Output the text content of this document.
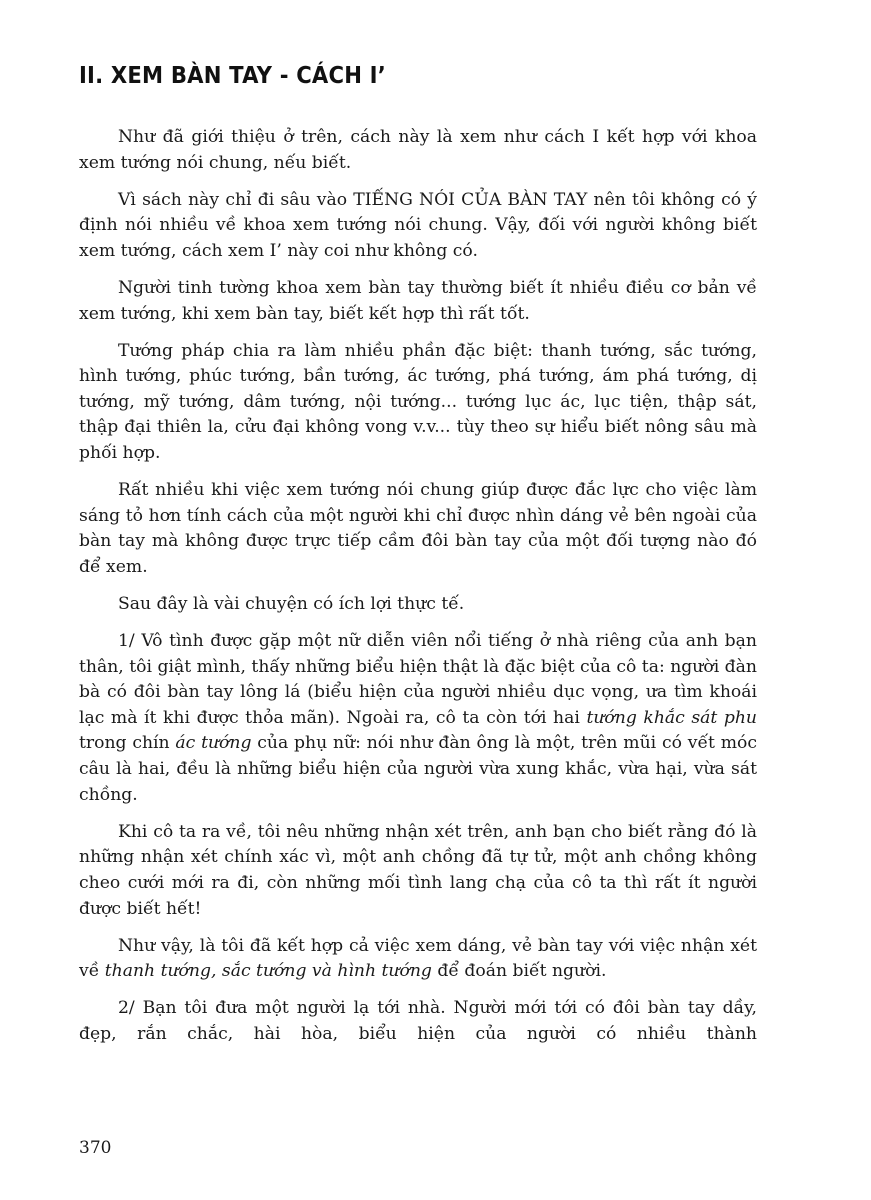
II. XEM BÀN TAY - CÁCH I’

Như đã giới thiệu ở trên, cách này là xem như cách I kết hợp với khoa xem tướng nói chung, nếu biết.

Vì sách này chỉ đi sâu vào TIẾNG NÓI CỦA BÀN TAY nên tôi không có ý định nói nhiều về khoa xem tướng nói chung. Vậy, đối với người không biết xem tướng, cách xem I’ này coi như không có.

Người tinh tường khoa xem bàn tay thường biết ít nhiều điều cơ bản về xem tướng, khi xem bàn tay, biết kết hợp thì rất tốt.

Tướng pháp chia ra làm nhiều phần đặc biệt: thanh tướng, sắc tướng, hình tướng, phúc tướng, bần tướng, ác tướng, phá tướng, ám phá tướng, dị tướng, mỹ tướng, dâm tướng, nội tướng... tướng lục ác, lục tiện, thập sát, thập đại thiên la, cửu đại không vong v.v... tùy theo sự hiểu biết nông sâu mà phối hợp.

Rất nhiều khi việc xem tướng nói chung giúp được đắc lực cho việc làm sáng tỏ hơn tính cách của một người khi chỉ được nhìn dáng vẻ bên ngoài của bàn tay mà không được trực tiếp cầm đôi bàn tay của một đối tượng nào đó để xem.

Sau đây là vài chuyện có ích lợi thực tế.

1/ Vô tình được gặp một nữ diễn viên nổi tiếng ở nhà riêng của anh bạn thân, tôi giật mình, thấy những biểu hiện thật là đặc biệt của cô ta: người đàn bà có đôi bàn tay lông lá (biểu hiện của người nhiều dục vọng, ưa tìm khoái lạc mà ít khi được thỏa mãn). Ngoài ra, cô ta còn tới hai tướng khắc sát phu trong chín ác tướng của phụ nữ: nói như đàn ông là một, trên mũi có vết móc câu là hai, đều là những biểu hiện của người vừa xung khắc, vừa hại, vừa sát chồng.

Khi cô ta ra về, tôi nêu những nhận xét trên, anh bạn cho biết rằng đó là những nhận xét chính xác vì, một anh chồng đã tự tử, một anh chồng không cheo cưới mới ra đi, còn những mối tình lang chạ của cô ta thì rất ít người được biết hết!

Như vậy, là tôi đã kết hợp cả việc xem dáng, vẻ bàn tay với việc nhận xét về thanh tướng, sắc tướng và hình tướng để đoán biết người.

2/ Bạn tôi đưa một người lạ tới nhà. Người mới tới có đôi bàn tay dầy, đẹp, rắn chắc, hài hòa, biểu hiện của người có nhiều thành

370
